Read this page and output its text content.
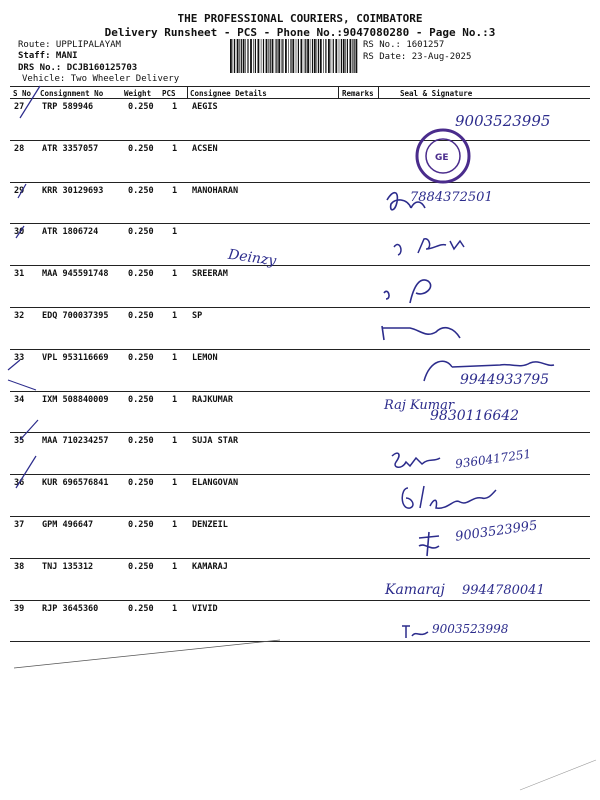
THE PROFESSIONAL COURIERS, COIMBATORE
Delivery Runsheet - PCS - Phone No.:9047080280 - Page No.:3
Route: UPPLIPALAYAM
Staff: MANI
DRS No.: DCJB160125703
Vehicle: Two Wheeler Delivery
RS No.: 1601257
RS Date: 23-Aug-2025
S No Consignment No	Weight PCS Consignee Details	Remarks	Seal & Signature
27 TRP 589946	0.250 1 AEGIS
28 ATR 3357057	0.250 1 ACSEN
29 KRR 30129693	0.250 1 MANOHARAN
30 ATR 1806724	0.250 1
31 MAA 945591748 0.250 1 SREERAM
32 EDQ 700037395 0.250 1 SP
33 VPL 953116669 0.250 1 LEMON
34 IXM 508840009 0.250 1 RAJKUMAR
35 MAA 710234257 0.250 1 SUJA STAR
36 KUR 696576841 0.250 1 ELANGOVAN
37 GPM 496647	0.250 1 DENZEIL
38 TNJ 135312	0.250 1 KAMARAJ
39 RJP 3645360	0.250 1 VIVID
GE
9003523995
7884372501
Deinzy
9944933795
Raj Kumar
9830116642
9360417251
9003523995
Kamaraj 9944780041
9003523998
